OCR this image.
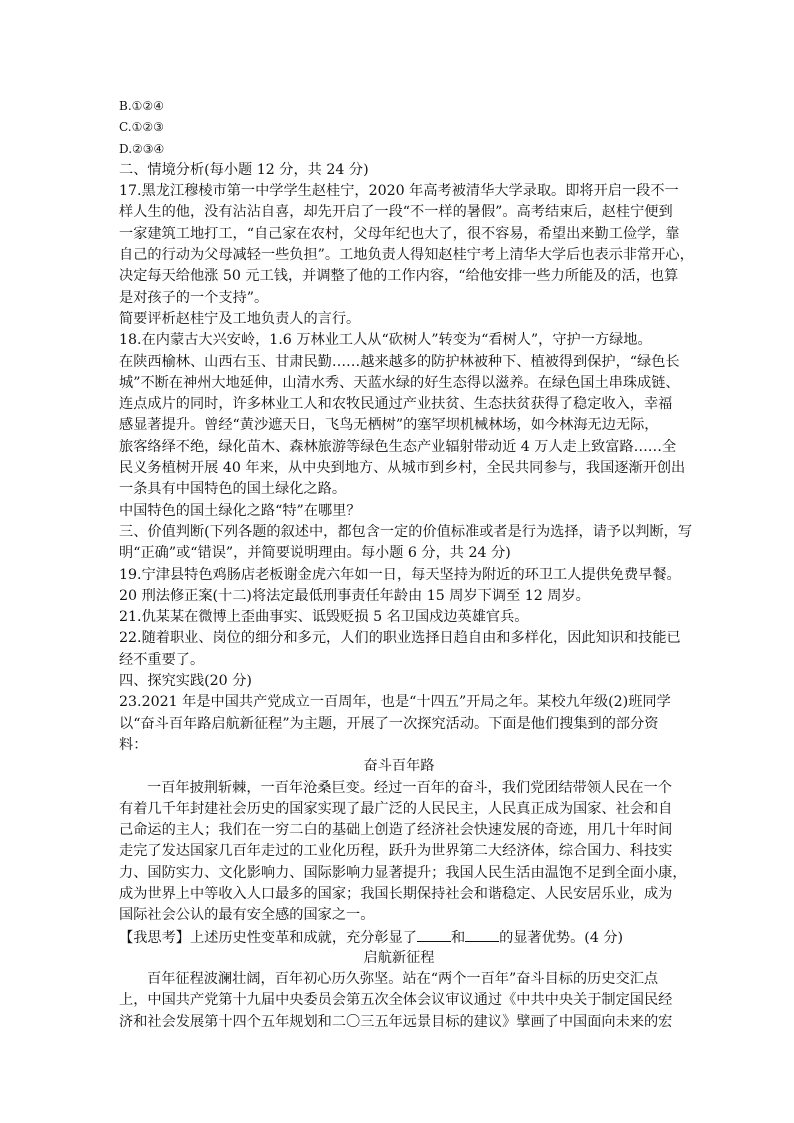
B.①②④
C.①②③
D.②③④
二、情境分析(每小题 12 分，共 24 分)
17.黑龙江穆棱市第一中学学生赵桂宁，2020 年高考被清华大学录取。即将开启一段不一
样人生的他，没有沾沾自喜，却先开启了一段“不一样的暑假”。高考结束后，赵桂宁便到
一家建筑工地打工，“自己家在农村，父母年纪也大了，很不容易，希望出来勤工俭学，靠
自己的行动为父母减轻一些负担”。工地负责人得知赵桂宁考上清华大学后也表示非常开心，
决定每天给他涨 50 元工钱，并调整了他的工作内容，“给他安排一些力所能及的活，也算
是对孩子的一个支持”。
简要评析赵桂宁及工地负责人的言行。
18.在内蒙古大兴安岭，1.6 万林业工人从“砍树人”转变为“看树人”，守护一方绿地。
在陕西榆林、山西右玉、甘肃民勤……越来越多的防护林被种下、植被得到保护，“绿色长
城”不断在神州大地延伸，山清水秀、天蓝水绿的好生态得以滋养。在绿色国土串珠成链、
连点成片的同时，许多林业工人和农牧民通过产业扶贫、生态扶贫获得了稳定收入，幸福
感显著提升。曾经“黄沙遮天日，飞鸟无栖树”的塞罕坝机械林场，如今林海无边无际，
旅客络绎不绝，绿化苗木、森林旅游等绿色生态产业辐射带动近 4 万人走上致富路……全
民义务植树开展 40 年来，从中央到地方、从城市到乡村，全民共同参与，我国逐渐开创出
一条具有中国特色的国土绿化之路。
中国特色的国土绿化之路“特”在哪里？
三、价值判断(下列各题的叙述中，都包含一定的价值标准或者是行为选择，请予以判断，写
明“正确”或“错误”，并简要说明理由。每小题 6 分，共 24 分)
19.宁津县特色鸡肠店老板谢金虎六年如一日，每天坚持为附近的环卫工人提供免费早餐。
20 刑法修正案(十二)将法定最低刑事责任年龄由 15 周岁下调至 12 周岁。
21.仇某某在微博上歪曲事实、诋毁贬损 5 名卫国戍边英雄官兵。
22.随着职业、岗位的细分和多元，人们的职业选择日趋自由和多样化，因此知识和技能已
经不重要了。
四、探究实践(20 分)
23.2021 年是中国共产党成立一百周年，也是“十四五”开局之年。某校九年级(2)班同学
以“奋斗百年路启航新征程”为主题，开展了一次探究活动。下面是他们搜集到的部分资
料：
奋斗百年路
一百年披荆斩棘，一百年沧桑巨变。经过一百年的奋斗，我们党团结带领人民在一个
有着几千年封建社会历史的国家实现了最广泛的人民民主，人民真正成为国家、社会和自
己命运的主人；我们在一穷二白的基础上创造了经济社会快速发展的奇迹，用几十年时间
走完了发达国家几百年走过的工业化历程，跃升为世界第二大经济体，综合国力、科技实
力、国防实力、文化影响力、国际影响力显著提升；我国人民生活由温饱不足到全面小康，
成为世界上中等收入人口最多的国家；我国长期保持社会和谐稳定、人民安居乐业，成为
国际社会公认的最有安全感的国家之一。
【我思考】上述历史性变革和成就，充分彰显了 和 的显著优势。(4 分)
启航新征程
百年征程波澜壮阔，百年初心历久弥坚。站在“两个一百年”奋斗目标的历史交汇点
上，中国共产党第十九届中央委员会第五次全体会议审议通过《中共中央关于制定国民经
济和社会发展第十四个五年规划和二〇三五年远景目标的建议》擘画了中国面向未来的宏
